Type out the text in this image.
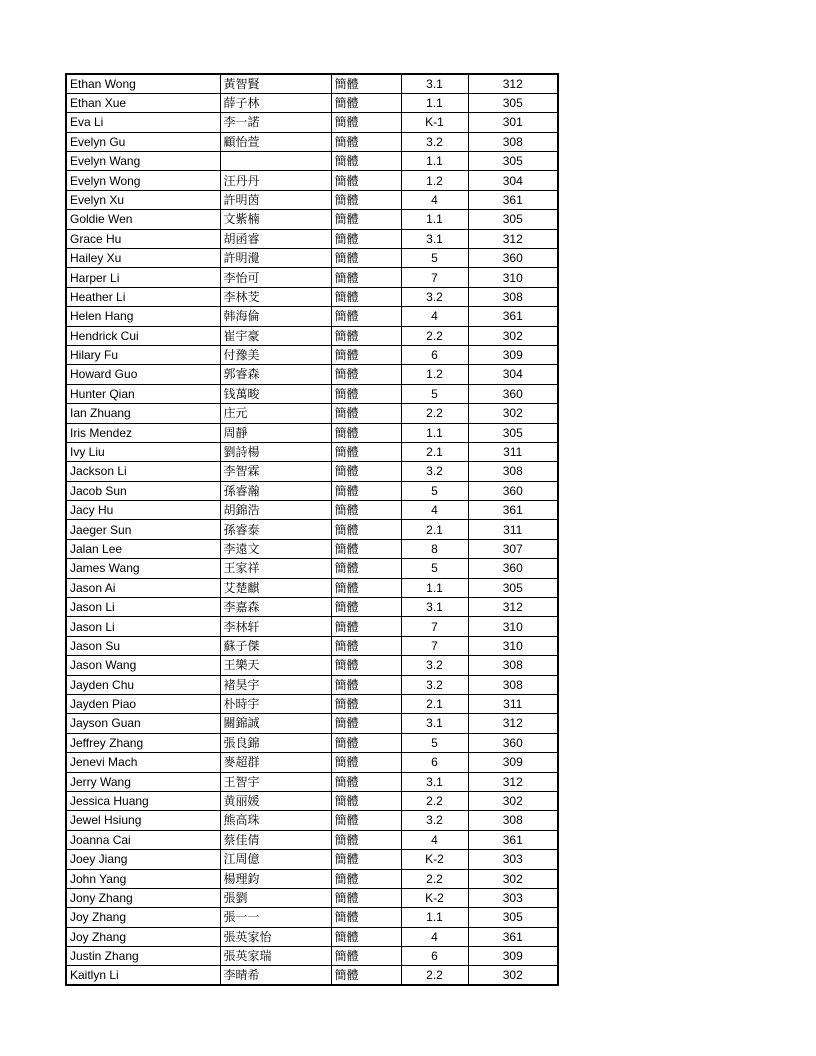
Ethan Wong	黃智賢	簡體	3.1	312
Ethan Xue	薛子林	簡體	1.1	305
Eva Li	李一諾	簡體	K-1	301
Evelyn Gu	顧怡萱	簡體	3.2	308
Evelyn Wang		簡體	1.1	305
Evelyn Wong	汪丹丹	簡體	1.2	304
Evelyn Xu	許明茵	簡體	4	361
Goldie Wen	文紫楠	簡體	1.1	305
Grace Hu	胡函睿	簡體	3.1	312
Hailey Xu	許明灚	簡體	5	360
Harper Li	李怡可	簡體	7	310
Heather Li	李林芠	簡體	3.2	308
Helen Hang	韩海倫	簡體	4	361
Hendrick Cui	崔宇豪	簡體	2.2	302
Hilary Fu	付豫美	簡體	6	309
Howard Guo	郭睿森	簡體	1.2	304
Hunter Qian	钱萬畯	簡體	5	360
Ian Zhuang	庄元	簡體	2.2	302
Iris Mendez	周靜	簡體	1.1	305
Ivy Liu	劉詩楊	簡體	2.1	311
Jackson Li	李智霖	簡體	3.2	308
Jacob Sun	孫睿瀚	簡體	5	360
Jacy Hu	胡錦浩	簡體	4	361
Jaeger Sun	孫睿泰	簡體	2.1	311
Jalan Lee	李遠文	簡體	8	307
James Wang	王家祥	簡體	5	360
Jason Ai	艾楚麒	簡體	1.1	305
Jason Li	李嘉森	簡體	3.1	312
Jason Li	李林轩	簡體	7	310
Jason Su	蘇子傑	簡體	7	310
Jason Wang	王樂天	簡體	3.2	308
Jayden Chu	褚昊宇	簡體	3.2	308
Jayden Piao	朴時宇	簡體	2.1	311
Jayson Guan	關錦誠	簡體	3.1	312
Jeffrey Zhang	張良錦	簡體	5	360
Jenevi Mach	麥超群	簡體	6	309
Jerry Wang	王智宇	簡體	3.1	312
Jessica Huang	黄丽媛	簡體	2.2	302
Jewel Hsiung	熊高珠	簡體	3.2	308
Joanna Cai	蔡佳倩	簡體	4	361
Joey Jiang	江周億	簡體	K-2	303
John Yang	楊理鈞	簡體	2.2	302
Jony Zhang	張劉	簡體	K-2	303
Joy Zhang	張一一	簡體	1.1	305
Joy Zhang	張英家怡	簡體	4	361
Justin Zhang	張英家瑞	簡體	6	309
Kaitlyn Li	李晴希	簡體	2.2	302
